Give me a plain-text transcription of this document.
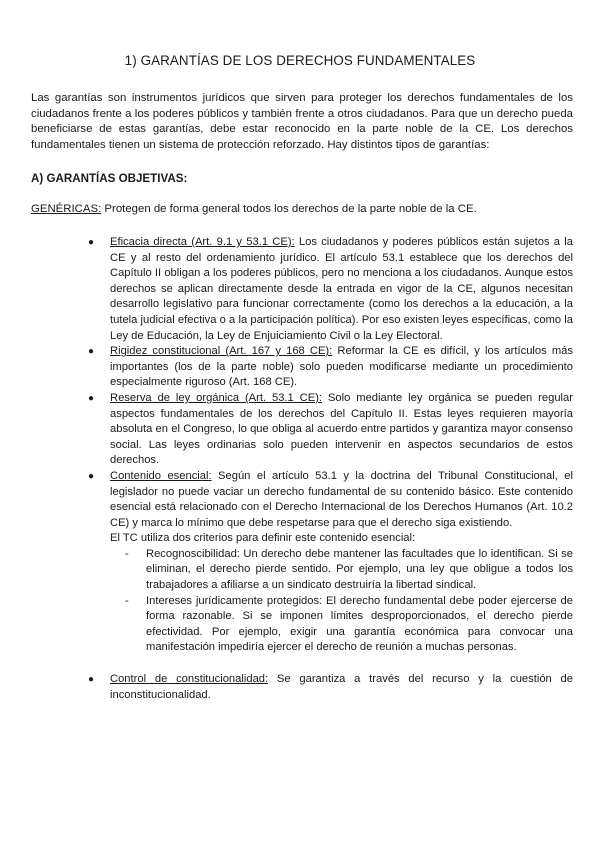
1) GARANTÍAS DE LOS DERECHOS FUNDAMENTALES
Las garantías son instrumentos jurídicos que sirven para proteger los derechos fundamentales de los ciudadanos frente a los poderes públicos y también frente a otros ciudadanos. Para que un derecho pueda beneficiarse de estas garantías, debe estar reconocido en la parte noble de la CE. Los derechos fundamentales tienen un sistema de protección reforzado. Hay distintos tipos de garantías:
A) GARANTÍAS OBJETIVAS:
GENÉRICAS: Protegen de forma general todos los derechos de la parte noble de la CE.
● Eficacia directa (Art. 9.1 y 53.1 CE): Los ciudadanos y poderes públicos están sujetos a la CE y al resto del ordenamiento jurídico. El artículo 53.1 establece que los derechos del Capítulo II obligan a los poderes públicos, pero no menciona a los ciudadanos. Aunque estos derechos se aplican directamente desde la entrada en vigor de la CE, algunos necesitan desarrollo legislativo para funcionar correctamente (como los derechos a la educación, a la tutela judicial efectiva o a la participación política). Por eso existen leyes específicas, como la Ley de Educación, la Ley de Enjuiciamiento Civil o la Ley Electoral.
● Rigidez constitucional (Art. 167 y 168 CE): Reformar la CE es difícil, y los artículos más importantes (los de la parte noble) solo pueden modificarse mediante un procedimiento especialmente riguroso (Art. 168 CE).
● Reserva de ley orgánica (Art. 53.1 CE): Solo mediante ley orgánica se pueden regular aspectos fundamentales de los derechos del Capítulo II. Estas leyes requieren mayoría absoluta en el Congreso, lo que obliga al acuerdo entre partidos y garantiza mayor consenso social. Las leyes ordinarias solo pueden intervenir en aspectos secundarios de estos derechos.
● Contenido esencial: Según el artículo 53.1 y la doctrina del Tribunal Constitucional, el legislador no puede vaciar un derecho fundamental de su contenido básico. Este contenido esencial está relacionado con el Derecho Internacional de los Derechos Humanos (Art. 10.2 CE) y marca lo mínimo que debe respetarse para que el derecho siga existiendo.
El TC utiliza dos criterios para definir este contenido esencial:
- Recognoscibilidad: Un derecho debe mantener las facultades que lo identifican. Si se eliminan, el derecho pierde sentido. Por ejemplo, una ley que obligue a todos los trabajadores a afiliarse a un sindicato destruiría la libertad sindical.
- Intereses jurídicamente protegidos: El derecho fundamental debe poder ejercerse de forma razonable. Si se imponen límites desproporcionados, el derecho pierde efectividad. Por ejemplo, exigir una garantía económica para convocar una manifestación impediría ejercer el derecho de reunión a muchas personas.
● Control de constitucionalidad: Se garantiza a través del recurso y la cuestión de inconstitucionalidad.
